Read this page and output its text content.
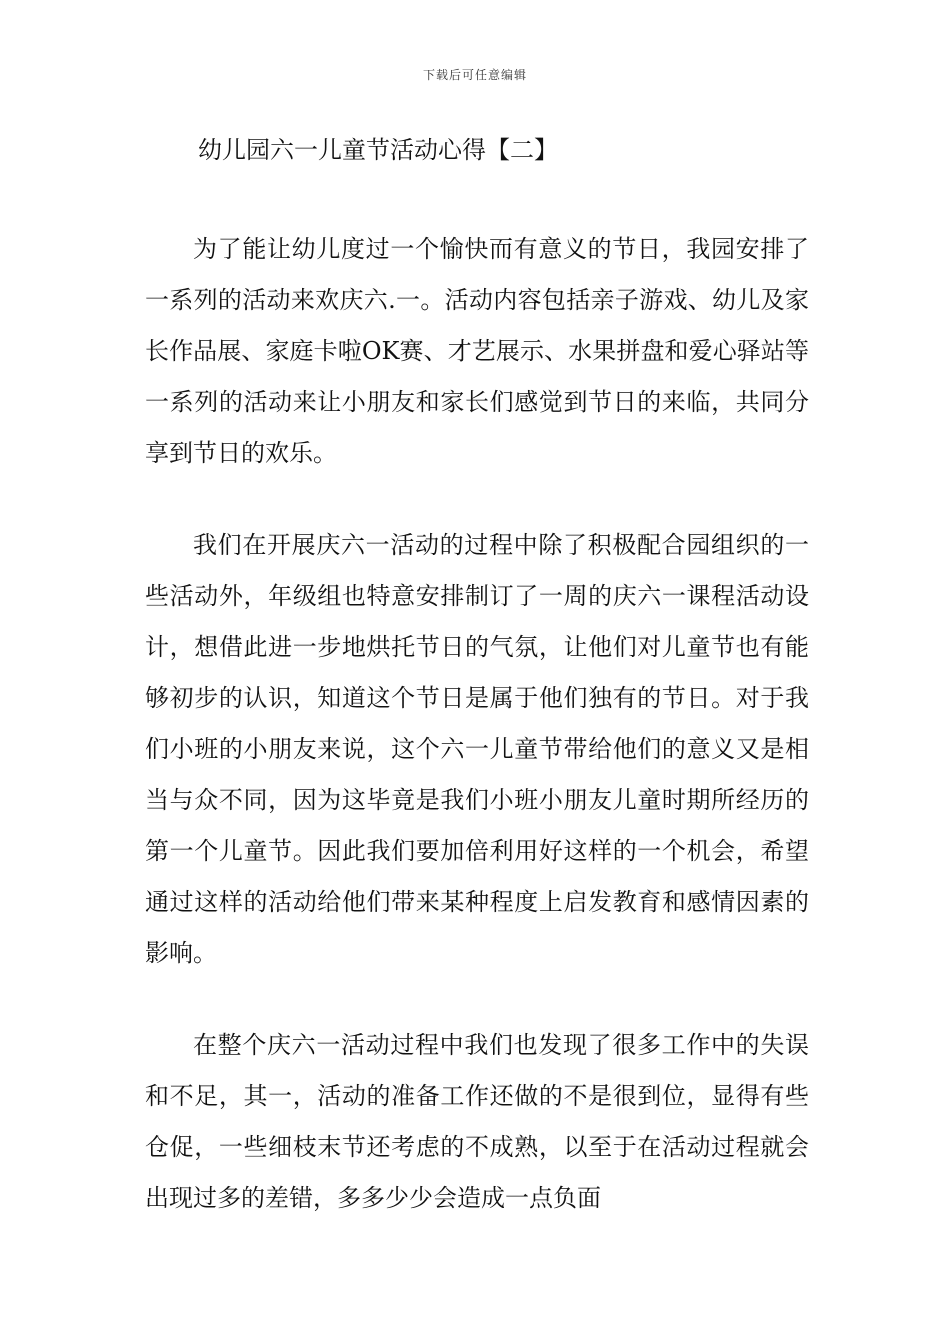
下载后可任意编辑
幼儿园六一儿童节活动心得【二】

为了能让幼儿度过一个愉快而有意义的节日，我园安排了一系列的活动来欢庆六.一。活动内容包括亲子游戏、幼儿及家长作品展、家庭卡啦OK赛、才艺展示、水果拼盘和爱心驿站等一系列的活动来让小朋友和家长们感觉到节日的来临，共同分享到节日的欢乐。

我们在开展庆六一活动的过程中除了积极配合园组织的一些活动外，年级组也特意安排制订了一周的庆六一课程活动设计，想借此进一步地烘托节日的气氛，让他们对儿童节也有能够初步的认识，知道这个节日是属于他们独有的节日。对于我们小班的小朋友来说，这个六一儿童节带给他们的意义又是相当与众不同，因为这毕竟是我们小班小朋友儿童时期所经历的第一个儿童节。因此我们要加倍利用好这样的一个机会，希望通过这样的活动给他们带来某种程度上启发教育和感情因素的影响。

在整个庆六一活动过程中我们也发现了很多工作中的失误和不足，其一，活动的准备工作还做的不是很到位，显得有些仓促，一些细枝末节还考虑的不成熟，以至于在活动过程就会出现过多的差错，多多少少会造成一点负面
